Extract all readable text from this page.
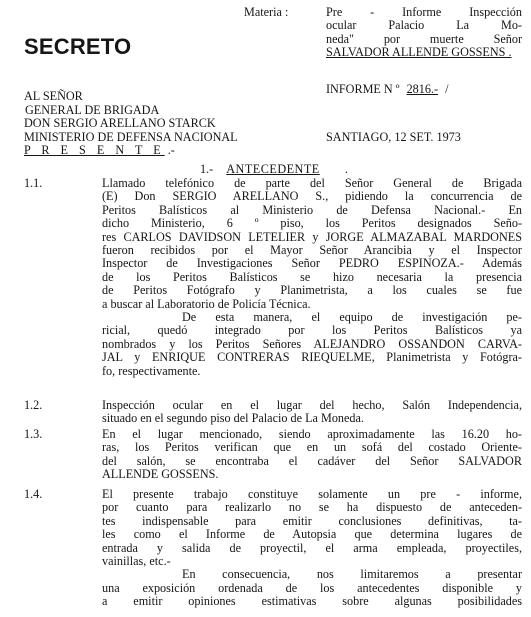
Materia :	Pre - Informe Inspección
ocular Palacio La Mo-
neda" por muerte Señor
SALVADOR ALLENDE GOSSENS .
SECRETO
INFORME N º 2816.- /
SANTIAGO, 12 SET. 1973
AL SEÑOR
GENERAL DE BRIGADA
DON SERGIO ARELLANO STARCK
MINISTERIO DE DEFENSA NACIONAL
P R E S E N T E .-
1.- ANTECEDENTE .
1.1.	Llamado telefónico de parte del Señor General de Brigada
(E) Don SERGIO ARELLANO S., pidiendo la concurrencia de
Peritos Balísticos al Ministerio de Defensa Nacional.- En
dicho Ministerio, 6 º piso, los Peritos designados Seño-
res CARLOS DAVIDSON LETELIER y JORGE ALMAZABAL MARDONES
fueron recibidos por el Mayor Señor Arancibia y el Inspector
Inspector de Investigaciones Señor PEDRO ESPINOZA.- Además
de los Peritos Balísticos se hizo necesaria la presencia
de Peritos Fotógrafo y Planimetrista, a los cuales se fue
a buscar al Laboratorio de Policía Técnica.
De esta manera, el equipo de investigación pe-
ricial, quedó integrado por los Peritos Balísticos ya
nombrados y los Peritos Señores ALEJANDRO OSSANDON CARVA-
JAL y ENRIQUE CONTRERAS RIEQUELME, Planimetrista y Fotógra-
fo, respectivamente.
1.2.	Inspección ocular en el lugar del hecho, Salón Independencia,
situado en el segundo piso del Palacio de La Moneda.
1.3.	En el lugar mencionado, siendo aproximadamente las 16.20 ho-
ras, los Peritos verifican que en un sofá del costado Oriente-
del salón, se encontraba el cadáver del Señor SALVADOR
ALLENDE GOSSENS.
1.4.	El presente trabajo constituye solamente un pre - informe,
por cuanto para realizarlo no se ha dispuesto de anteceden-
tes indispensable para emitir conclusiones definitivas, ta-
les como el Informe de Autopsia que determina lugares de
entrada y salida de proyectil, el arma empleada, proyectiles,
vainillas, etc.-
En consecuencia, nos limitaremos a presentar
una exposición ordenada de los antecedentes disponible y
a emitir opiniones estimativas sobre algunas posibilidades
